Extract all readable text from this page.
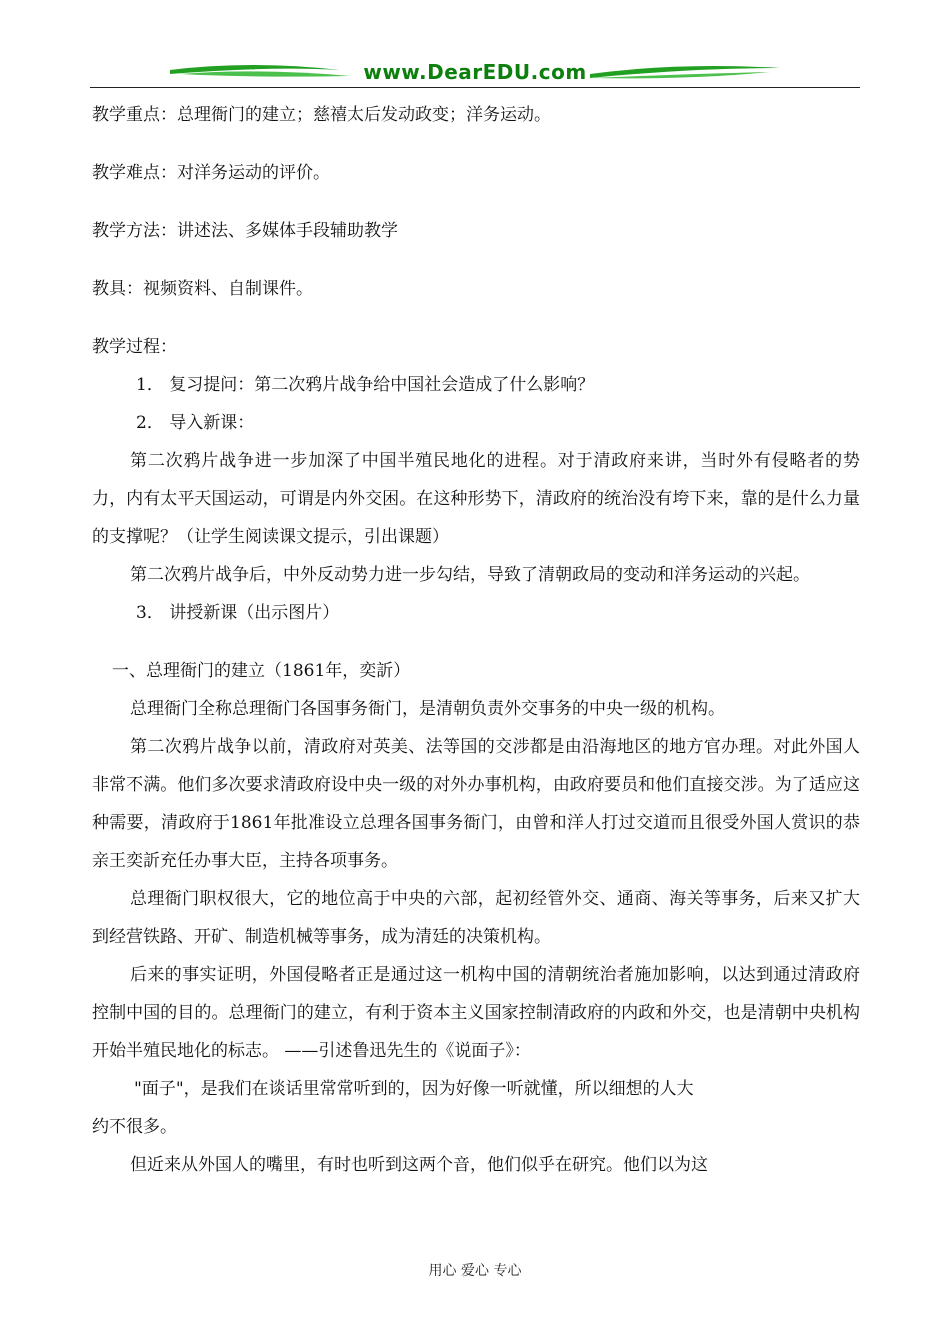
www.DearEDU.com

教学重点：总理衙门的建立；慈禧太后发动政变；洋务运动。

教学难点：对洋务运动的评价。

教学方法：讲述法、多媒体手段辅助教学

教具：视频资料、自制课件。

教学过程：

1． 复习提问：第二次鸦片战争给中国社会造成了什么影响？

2． 导入新课：

第二次鸦片战争进一步加深了中国半殖民地化的进程。对于清政府来讲，当时外有侵略者的势力，内有太平天国运动，可谓是内外交困。在这种形势下，清政府的统治没有垮下来，靠的是什么力量的支撑呢？（让学生阅读课文提示，引出课题）

第二次鸦片战争后，中外反动势力进一步勾结，导致了清朝政局的变动和洋务运动的兴起。

3． 讲授新课（出示图片）

一、总理衙门的建立（1861年，奕訢）

总理衙门全称总理衙门各国事务衙门，是清朝负责外交事务的中央一级的机构。

第二次鸦片战争以前，清政府对英美、法等国的交涉都是由沿海地区的地方官办理。对此外国人非常不满。他们多次要求清政府设中央一级的对外办事机构，由政府要员和他们直接交涉。为了适应这种需要，清政府于1861年批准设立总理各国事务衙门，由曾和洋人打过交道而且很受外国人赏识的恭亲王奕訢充任办事大臣，主持各项事务。

总理衙门职权很大，它的地位高于中央的六部，起初经管外交、通商、海关等事务，后来又扩大到经营铁路、开矿、制造机械等事务，成为清廷的决策机构。

后来的事实证明，外国侵略者正是通过这一机构中国的清朝统治者施加影响，以达到通过清政府控制中国的目的。总理衙门的建立，有利于资本主义国家控制清政府的内政和外交，也是清朝中央机构开始半殖民地化的标志。 ——引述鲁迅先生的《说面子》：

"面子"，是我们在谈话里常常听到的，因为好像一听就懂，所以细想的人大

约不很多。

但近来从外国人的嘴里，有时也听到这两个音，他们似乎在研究。他们以为这

用心 爱心 专心
